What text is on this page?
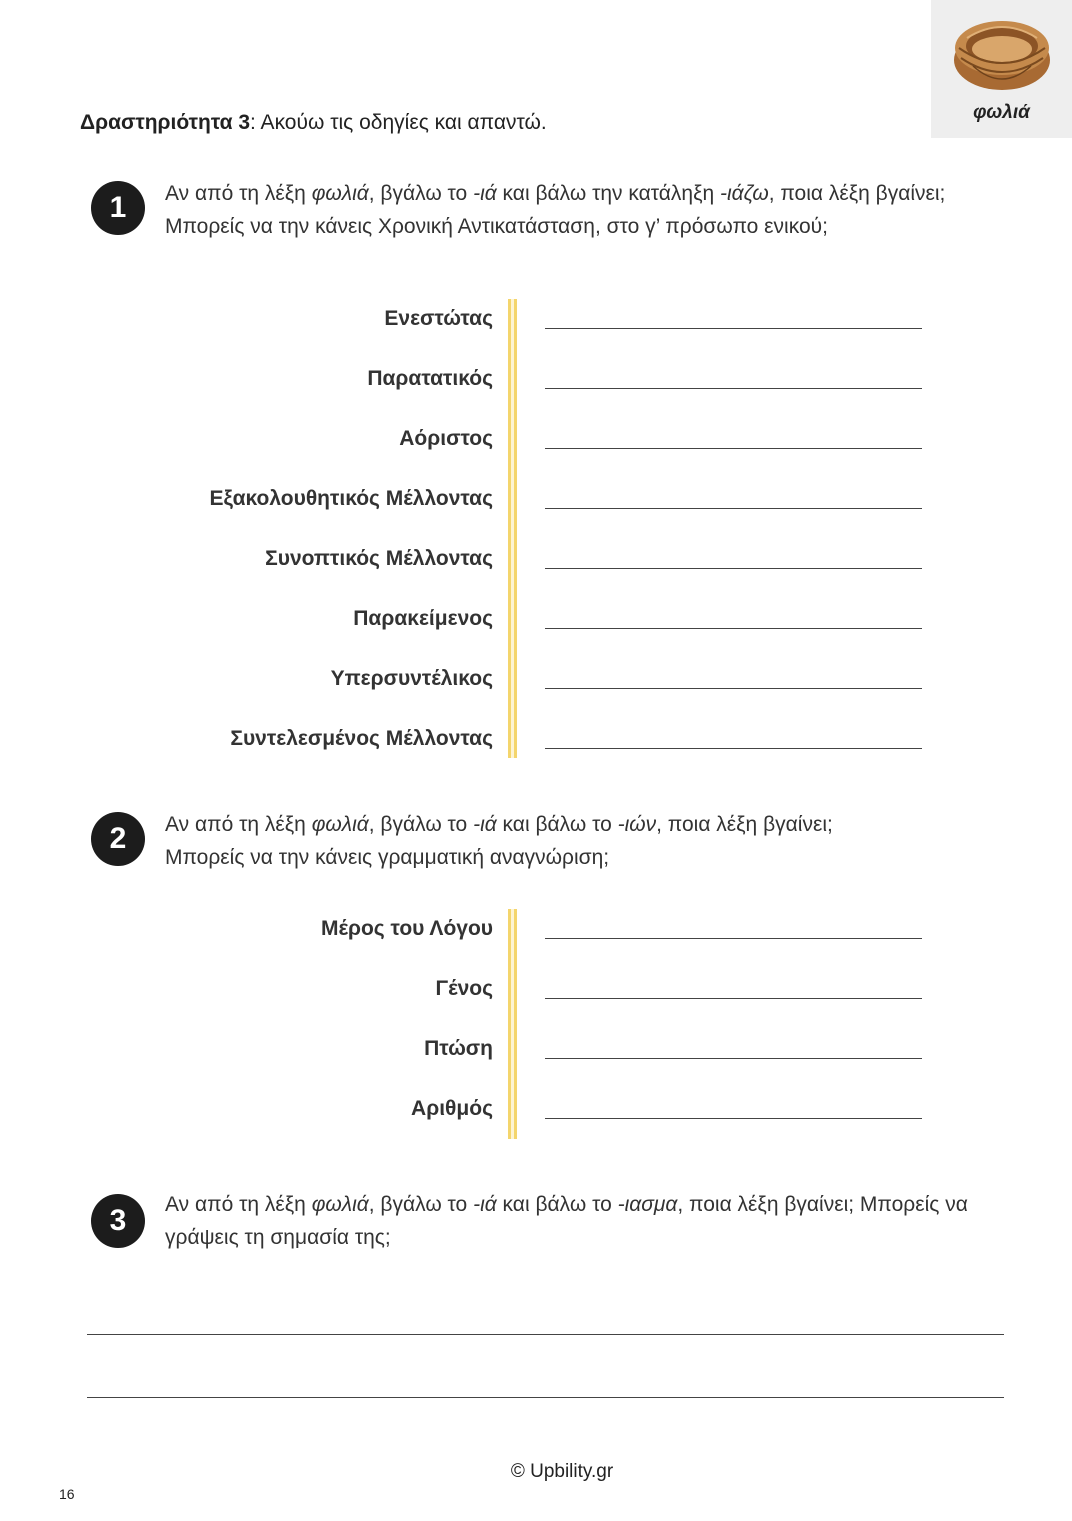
φωλιά
Δραστηριότητα 3: Ακούω τις οδηγίες και απαντώ.
1	Αν από τη λέξη φωλιά, βγάλω το -ιά και βάλω την κατάληξη -ιάζω, ποια λέξη βγαίνει; Μπορείς να την κάνεις Χρονική Αντικατάσταση, στο γ’ πρόσωπο ενικού;
Ενεστώτας
Παρατατικός
Αόριστος
Εξακολουθητικός Μέλλοντας
Συνοπτικός Μέλλοντας
Παρακείμενος
Υπερσυντέλικος
Συντελεσμένος Μέλλοντας
2	Αν από τη λέξη φωλιά, βγάλω το -ιά και βάλω το -ιών, ποια λέξη βγαίνει;
Μπορείς να την κάνεις γραμματική αναγνώριση;
Μέρος του Λόγου
Γένος
Πτώση
Αριθμός
3	Αν από τη λέξη φωλιά, βγάλω το -ιά και βάλω το -ιασμα, ποια λέξη βγαίνει; Μπορείς να γράψεις τη σημασία της;
© Upbility.gr
16
